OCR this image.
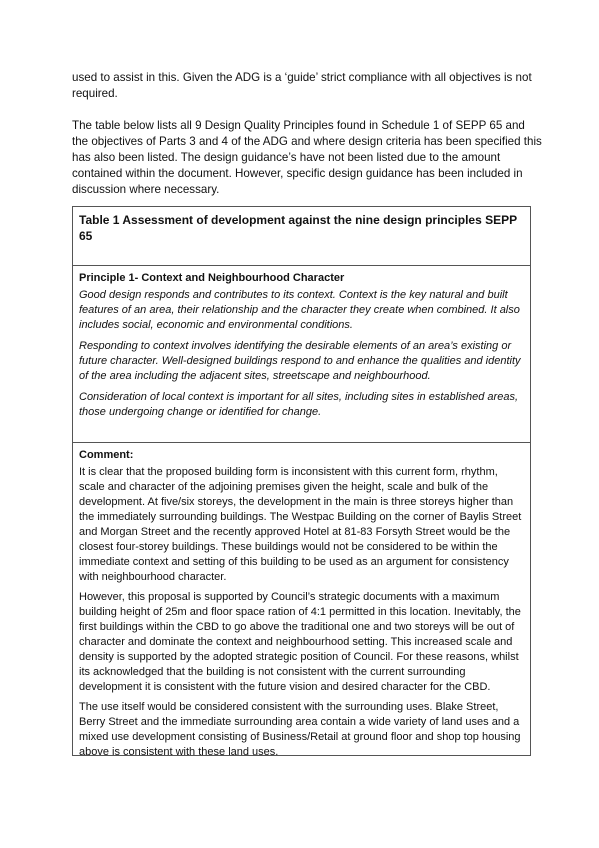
used to assist in this. Given the ADG is a ‘guide’ strict compliance with all objectives is not required.

The table below lists all 9 Design Quality Principles found in Schedule 1 of SEPP 65 and the objectives of Parts 3 and 4 of the ADG and where design criteria has been specified this has also been listed. The design guidance’s have not been listed due to the amount contained within the document. However, specific design guidance has been included in discussion where necessary.

Table 1 Assessment of development against the nine design principles SEPP 65

Principle 1- Context and Neighbourhood Character

Good design responds and contributes to its context. Context is the key natural and built features of an area, their relationship and the character they create when combined. It also includes social, economic and environmental conditions.

Responding to context involves identifying the desirable elements of an area’s existing or future character. Well-designed buildings respond to and enhance the qualities and identity of the area including the adjacent sites, streetscape and neighbourhood.

Consideration of local context is important for all sites, including sites in established areas, those undergoing change or identified for change.

Comment:

It is clear that the proposed building form is inconsistent with this current form, rhythm, scale and character of the adjoining premises given the height, scale and bulk of the development. At five/six storeys, the development in the main is three storeys higher than the immediately surrounding buildings. The Westpac Building on the corner of Baylis Street and Morgan Street and the recently approved Hotel at 81-83 Forsyth Street would be the closest four-storey buildings. These buildings would not be considered to be within the immediate context and setting of this building to be used as an argument for consistency with neighbourhood character.

However, this proposal is supported by Council’s strategic documents with a maximum building height of 25m and floor space ration of 4:1 permitted in this location. Inevitably, the first buildings within the CBD to go above the traditional one and two storeys will be out of character and dominate the context and neighbourhood setting. This increased scale and density is supported by the adopted strategic position of Council. For these reasons, whilst its acknowledged that the building is not consistent with the current surrounding development it is consistent with the future vision and desired character for the CBD.

The use itself would be considered consistent with the surrounding uses. Blake Street, Berry Street and the immediate surrounding area contain a wide variety of land uses and a mixed use development consisting of Business/Retail at ground floor and shop top housing above is consistent with these land uses.
